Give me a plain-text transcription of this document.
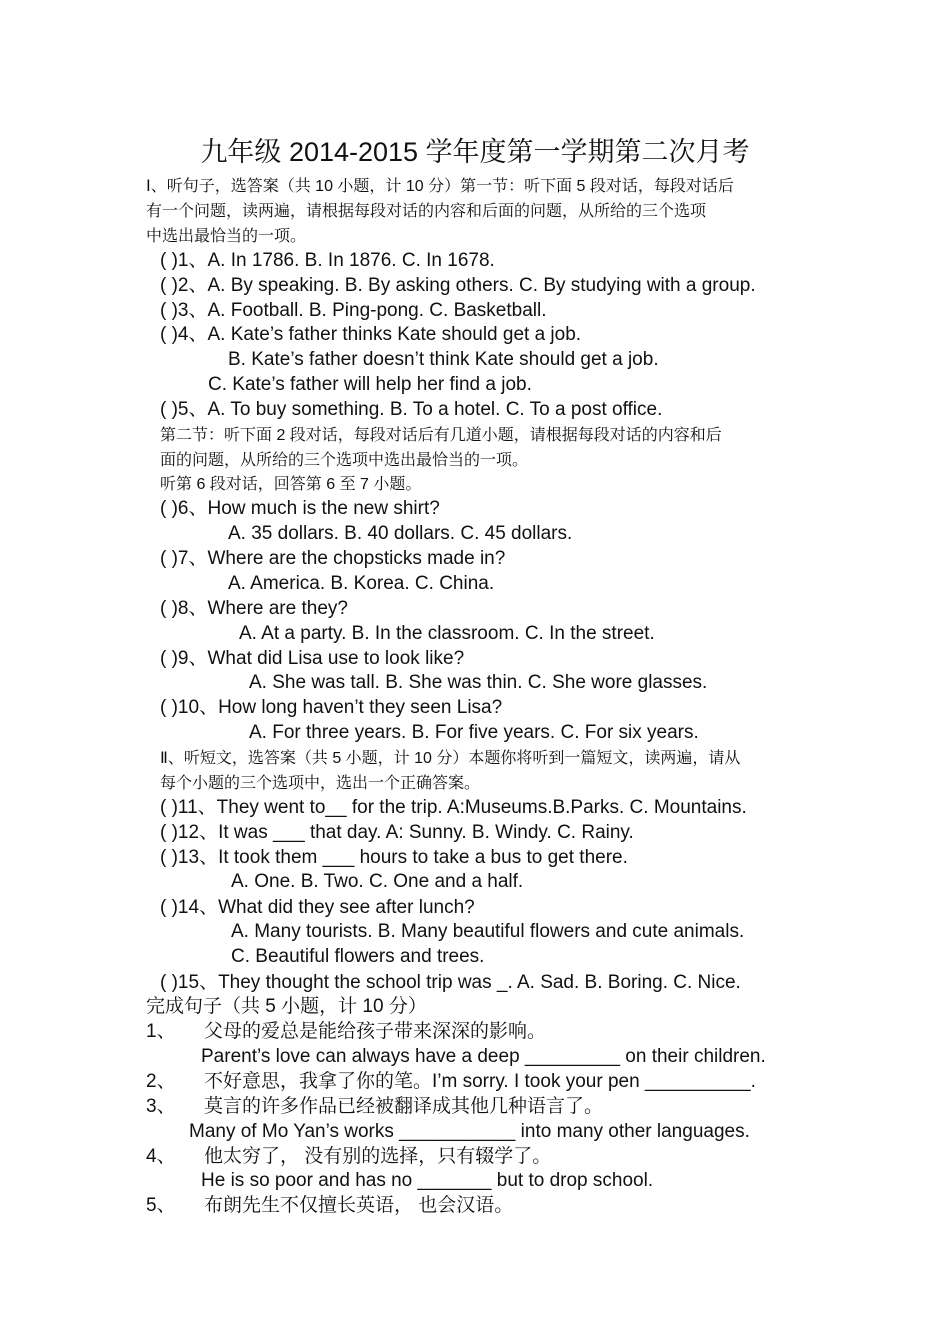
九年级 2014-2015 学年度第一学期第二次月考
Ⅰ、听句子，选答案（共 10 小题，计 10 分）第一节：听下面 5 段对话，每段对话后
有一个问题，读两遍，请根据每段对话的内容和后面的问题，从所给的三个选项
中选出最恰当的一项。
( )1、A. In 1786. B. In 1876. C. In 1678.
( )2、A. By speaking. B. By asking others. C. By studying with a group.
( )3、A. Football. B. Ping-pong. C. Basketball.
( )4、A. Kate’s father thinks Kate should get a job.
B. Kate’s father doesn’t think Kate should get a job.
C. Kate’s father will help her find a job.
( )5、A. To buy something. B. To a hotel. C. To a post office.
第二节：听下面 2 段对话，每段对话后有几道小题，请根据每段对话的内容和后
面的问题，从所给的三个选项中选出最恰当的一项。
听第 6 段对话，回答第 6 至 7 小题。
( )6、How much is the new shirt?
A. 35 dollars. B. 40 dollars. C. 45 dollars.
( )7、Where are the chopsticks made in?
A. America. B. Korea. C. China.
( )8、Where are they?
A. At a party. B. In the classroom. C. In the street.
( )9、What did Lisa use to look like?
A. She was tall. B. She was thin. C. She wore glasses.
( )10、How long haven’t they seen Lisa?
A. For three years. B. For five years. C. For six years.
Ⅱ、听短文，选答案（共 5 小题，计 10 分）本题你将听到一篇短文，读两遍，请从
每个小题的三个选项中，选出一个正确答案。
( )11、They went to__ for the trip. A:Museums.B.Parks. C. Mountains.
( )12、It was ___ that day. A: Sunny. B. Windy. C. Rainy.
( )13、It took them ___ hours to take a bus to get there.
A. One. B. Two. C. One and a half.
( )14、What did they see after lunch?
A. Many tourists. B. Many beautiful flowers and cute animals.
C. Beautiful flowers and trees.
( )15、They thought the school trip was _. A. Sad. B. Boring. C. Nice.
完成句子（共 5 小题，计 10 分）
1、 父母的爱总是能给孩子带来深深的影响。
Parent’s love can always have a deep _________ on their children.
2、 不好意思，我拿了你的笔。I’m sorry. I took your pen __________.
3、 莫言的许多作品已经被翻译成其他几种语言了。
Many of Mo Yan’s works ___________ into many other languages.
4、 他太穷了， 没有别的选择，只有辍学了。
He is so poor and has no _______ but to drop school.
5、 布朗先生不仅擅长英语， 也会汉语。
